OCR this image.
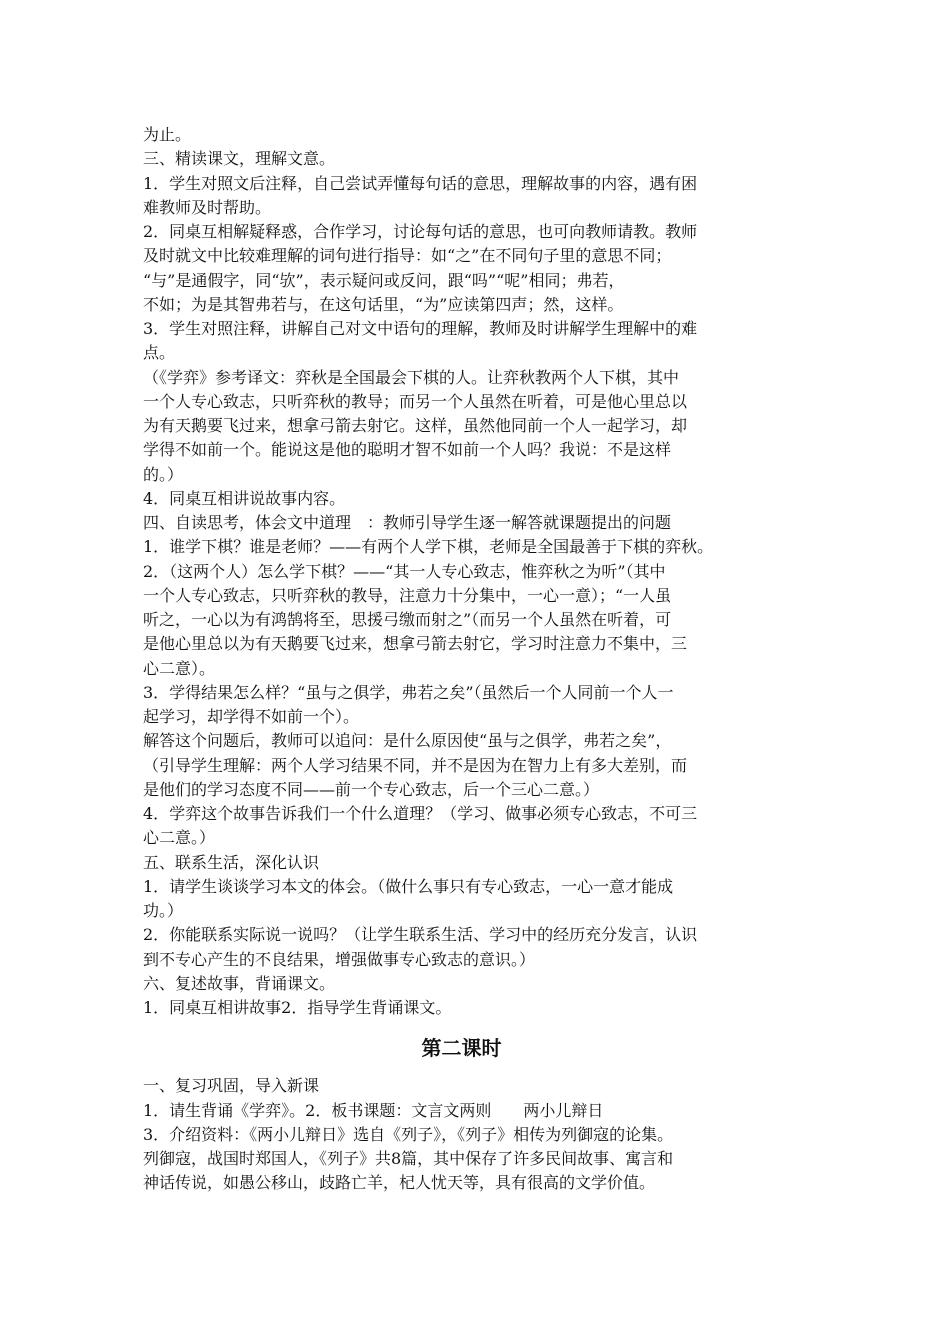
为止。
三、精读课文，理解文意。
1．学生对照文后注释，自己尝试弄懂每句话的意思，理解故事的内容，遇有困
难教师及时帮助。
2．同桌互相解疑释惑，合作学习，讨论每句话的意思，也可向教师请教。教师
及时就文中比较难理解的词句进行指导：如“之”在不同句子里的意思不同；
“与”是通假字，同“欤”，表示疑问或反问，跟“吗”“呢”相同；弗若，
不如；为是其智弗若与，在这句话里，“为”应读第四声；然，这样。
3．学生对照注释，讲解自己对文中语句的理解，教师及时讲解学生理解中的难
点。
（《学弈》参考译文：弈秋是全国最会下棋的人。让弈秋教两个人下棋，其中
一个人专心致志，只听弈秋的教导；而另一个人虽然在听着，可是他心里总以
为有天鹅要飞过来，想拿弓箭去射它。这样，虽然他同前一个人一起学习，却
学得不如前一个。能说这是他的聪明才智不如前一个人吗？我说：不是这样
的。）
4．同桌互相讲说故事内容。
四、自读思考，体会文中道理　：教师引导学生逐一解答就课题提出的问题
1．谁学下棋？谁是老师？——有两个人学下棋，老师是全国最善于下棋的弈秋。
2．（这两个人）怎么学下棋？——“其一人专心致志，惟弈秋之为听”（其中
一个人专心致志，只听弈秋的教导，注意力十分集中，一心一意）；“一人虽
听之，一心以为有鸿鹄将至，思援弓缴而射之”（而另一个人虽然在听着，可
是他心里总以为有天鹅要飞过来，想拿弓箭去射它，学习时注意力不集中，三
心二意）。
3．学得结果怎么样？“虽与之俱学，弗若之矣”（虽然后一个人同前一个人一
起学习，却学得不如前一个）。
解答这个问题后，教师可以追问：是什么原因使“虽与之俱学，弗若之矣”，
（引导学生理解：两个人学习结果不同，并不是因为在智力上有多大差别，而
是他们的学习态度不同——前一个专心致志，后一个三心二意。）
4．学弈这个故事告诉我们一个什么道理？（学习、做事必须专心致志，不可三
心二意。）
五、联系生活，深化认识
1．请学生谈谈学习本文的体会。（做什么事只有专心致志，一心一意才能成
功。）
2．你能联系实际说一说吗？（让学生联系生活、学习中的经历充分发言，认识
到不专心产生的不良结果，增强做事专心致志的意识。）
六、复述故事，背诵课文。
1．同桌互相讲故事2．指导学生背诵课文。
第二课时
一、复习巩固，导入新课
1．请生背诵《学弈》。2．板书课题：文言文两则　　两小儿辩日
3．介绍资料：《两小儿辩日》选自《列子》，《列子》相传为列御寇的论集。
列御寇，战国时郑国人，《列子》共8篇，其中保存了许多民间故事、寓言和
神话传说，如愚公移山，歧路亡羊，杞人忧天等，具有很高的文学价值。
